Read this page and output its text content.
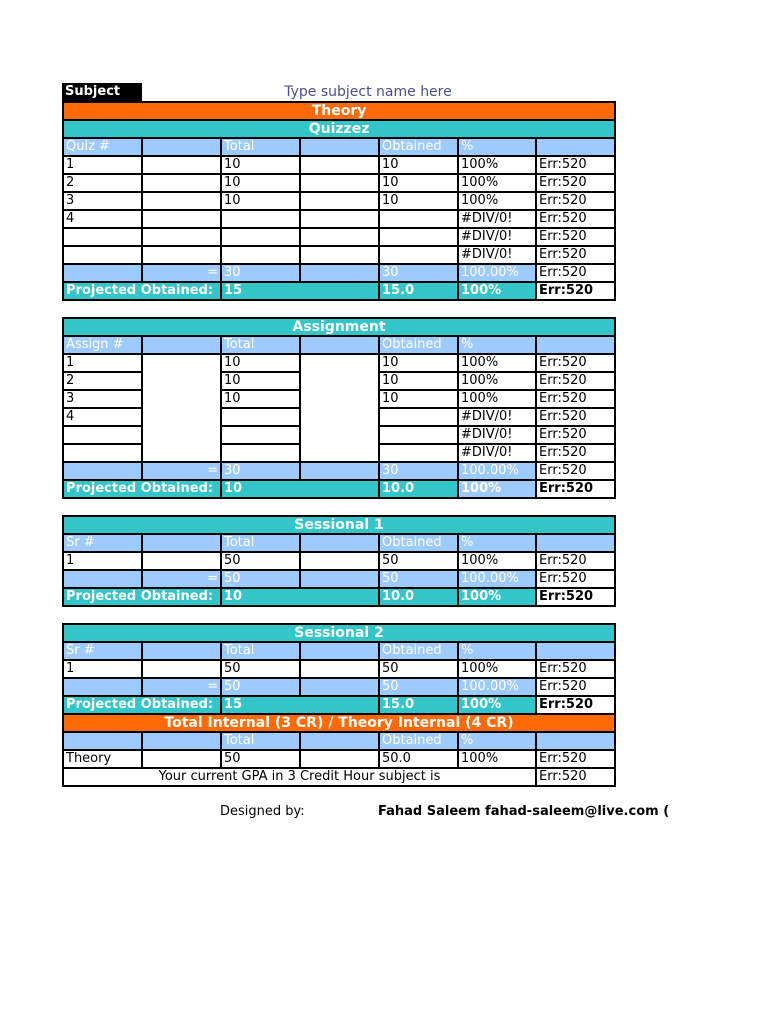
Subject	Type subject name here
Theory						
Quizzez						
Quiz #		Total		Obtained	%	
1		10		10	100%	Err:520
2		10		10	100%	Err:520
3		10		10	100%	Err:520
4					#DIV/0!	Err:520
					#DIV/0!	Err:520
					#DIV/0!	Err:520
	=	30		30	100.00%	Err:520
Projected Obtained:		15		15.0	100%	Err:520
Assignment						
Assign #		Total		Obtained	%	
1		10		10	100%	Err:520
2		10		10	100%	Err:520
3		10		10	100%	Err:520
4					#DIV/0!	Err:520
					#DIV/0!	Err:520
					#DIV/0!	Err:520
	=	30		30	100.00%	Err:520
Projected Obtained:		10		10.0	100%	Err:520
Sessional 1						
Sr #		Total		Obtained	%	
1		50		50	100%	Err:520
	=	50		50	100.00%	Err:520
Projected Obtained:		10		10.0	100%	Err:520
Sessional 2						
Sr #		Total		Obtained	%	
1		50		50	100%	Err:520
	=	50		50	100.00%	Err:520
Projected Obtained:		15		15.0	100%	Err:520
Total Internal (3 CR) / Theory Internal (4 CR)						
		Total		Obtained	%	
Theory		50		50.0	100%	Err:520
Your current GPA in 3 Credit Hour subject is						Err:520
Designed by:	Fahad Saleem fahad-saleem@live.com (
